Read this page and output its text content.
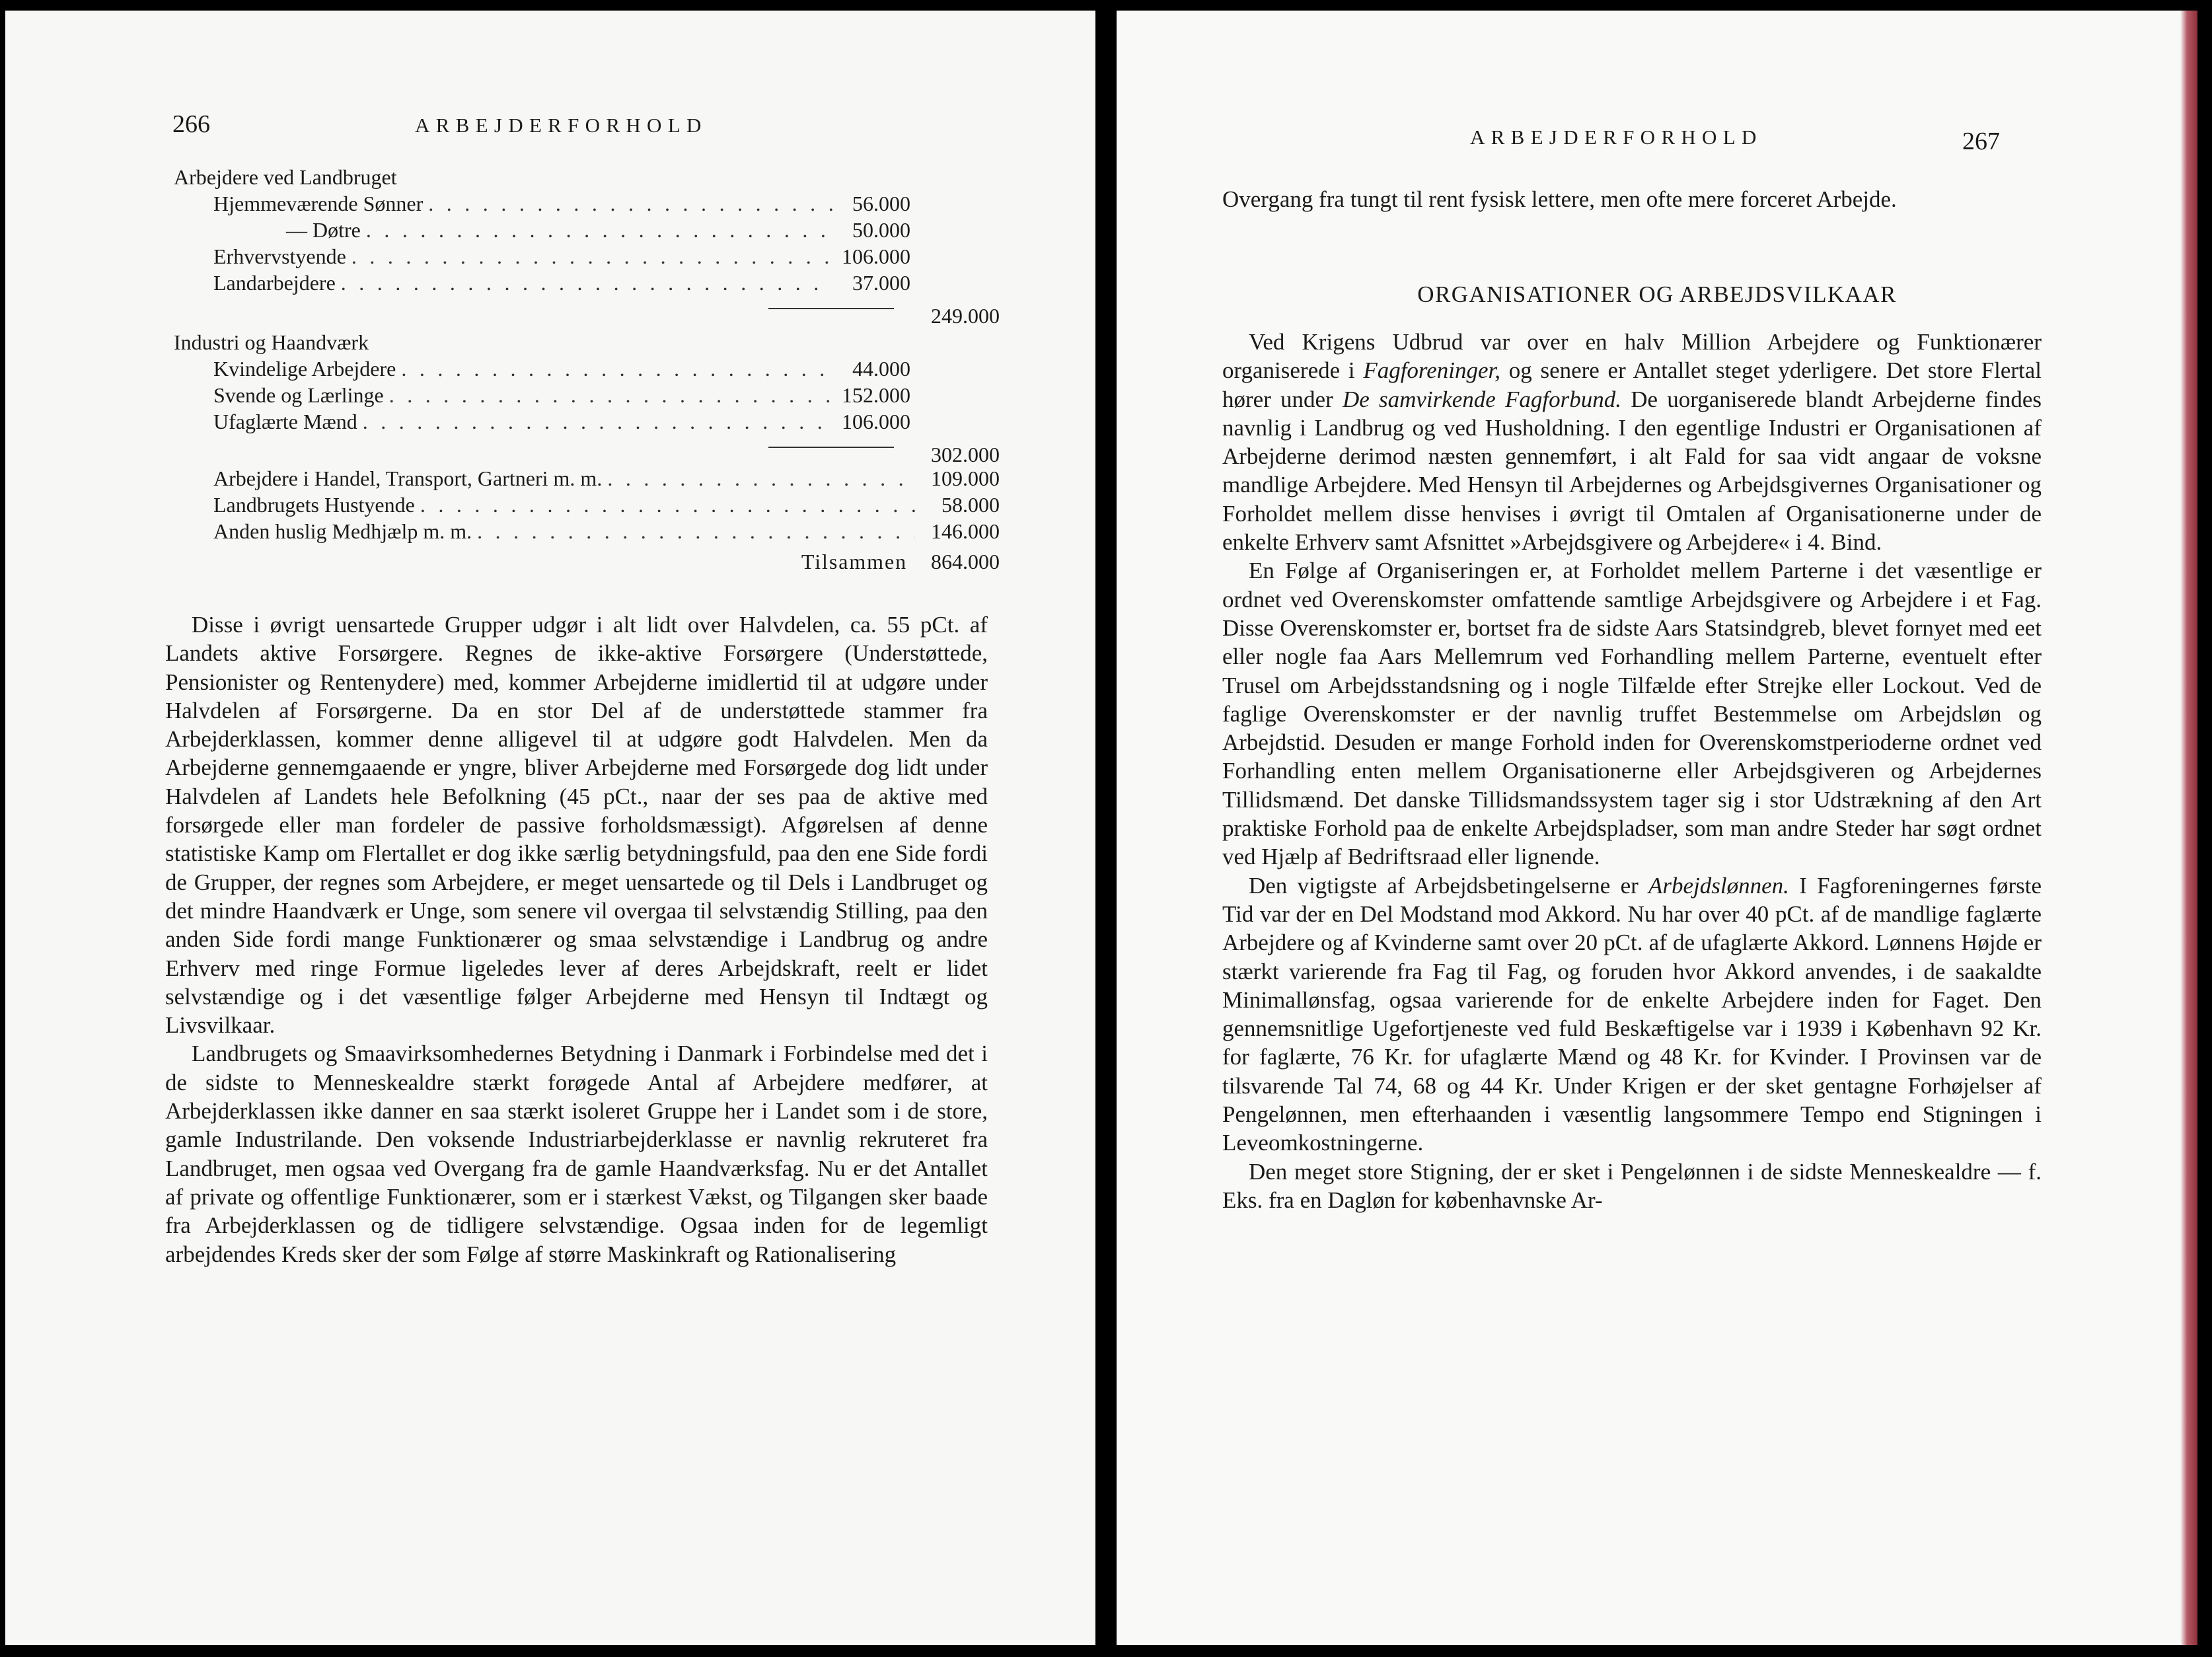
266	ARBEJDERFORHOLD
Arbejdere ved Landbruget
Hjemmeværende Sønner . . .	56.000
— Døtre . . .	50.000
Erhvervstyende . . .	106.000
Landarbejdere . . .	37.000
249.000
Industri og Haandværk
Kvindelige Arbejdere . . .	44.000
Svende og Lærlinge . . .	152.000
Ufaglærte Mænd . . .	106.000
302.000
Arbejdere i Handel, Transport, Gartneri m. m. . . .	109.000
Landbrugets Hustyende . . .	58.000
Anden huslig Medhjælp m. m. . . .	146.000
Tilsammen	864.000

Disse i øvrigt uensartede Grupper udgør i alt lidt over Halvdelen, ca. 55 pCt. af Landets aktive Forsørgere. Regnes de ikke-aktive Forsørgere (Understøttede, Pensionister og Rentenydere) med, kommer Arbejderne imidlertid til at udgøre under Halvdelen af Forsørgerne. Da en stor Del af de understøttede stammer fra Arbejderklassen, kommer denne alligevel til at udgøre godt Halvdelen. Men da Arbejderne gennemgaaende er yngre, bliver Arbejderne med Forsørgede dog lidt under Halvdelen af Landets hele Befolkning (45 pCt., naar der ses paa de aktive med forsørgede eller man fordeler de passive forholdsmæssigt). Afgørelsen af denne statistiske Kamp om Flertallet er dog ikke særlig betydningsfuld, paa den ene Side fordi de Grupper, der regnes som Arbejdere, er meget uensartede og til Dels i Landbruget og det mindre Haandværk er Unge, som senere vil overgaa til selvstændig Stilling, paa den anden Side fordi mange Funktionærer og smaa selvstændige i Landbrug og andre Erhverv med ringe Formue ligeledes lever af deres Arbejdskraft, reelt er lidet selvstændige og i det væsentlige følger Arbejderne med Hensyn til Indtægt og Livsvilkaar.

Landbrugets og Smaavirksomhedernes Betydning i Danmark i Forbindelse med det i de sidste to Menneskealdre stærkt forøgede Antal af Arbejdere medfører, at Arbejderklassen ikke danner en saa stærkt isoleret Gruppe her i Landet som i de store, gamle Industrilande. Den voksende Industriarbejderklasse er navnlig rekruteret fra Landbruget, men ogsaa ved Overgang fra de gamle Haandværksfag. Nu er det Antallet af private og offentlige Funktionærer, som er i stærkest Vækst, og Tilgangen sker baade fra Arbejderklassen og de tidligere selvstændige. Ogsaa inden for de legemligt arbejdendes Kreds sker der som Følge af større Maskinkraft og Rationalisering

ARBEJDERFORHOLD	267

Overgang fra tungt til rent fysisk lettere, men ofte mere forceret Arbejde.

ORGANISATIONER OG ARBEJDSVILKAAR

Ved Krigens Udbrud var over en halv Million Arbejdere og Funktionærer organiserede i Fagforeninger, og senere er Antallet steget yderligere. Det store Flertal hører under De samvirkende Fagforbund. De uorganiserede blandt Arbejderne findes navnlig i Landbrug og ved Husholdning. I den egentlige Industri er Organisationen af Arbejderne derimod næsten gennemført, i alt Fald for saa vidt angaar de voksne mandlige Arbejdere. Med Hensyn til Arbejdernes og Arbejdsgivernes Organisationer og Forholdet mellem disse henvises i øvrigt til Omtalen af Organisationerne under de enkelte Erhverv samt Afsnittet »Arbejdsgivere og Arbejdere« i 4. Bind.

En Følge af Organiseringen er, at Forholdet mellem Parterne i det væsentlige er ordnet ved Overenskomster omfattende samtlige Arbejdsgivere og Arbejdere i et Fag. Disse Overenskomster er, bortset fra de sidste Aars Statsindgreb, blevet fornyet med eet eller nogle faa Aars Mellemrum ved Forhandling mellem Parterne, eventuelt efter Trusel om Arbejdsstandsning og i nogle Tilfælde efter Strejke eller Lockout. Ved de faglige Overenskomster er der navnlig truffet Bestemmelse om Arbejdsløn og Arbejdstid. Desuden er mange Forhold inden for Overenskomstperioderne ordnet ved Forhandling enten mellem Organisationerne eller Arbejdsgiveren og Arbejdernes Tillidsmænd. Det danske Tillidsmandssystem tager sig i stor Udstrækning af den Art praktiske Forhold paa de enkelte Arbejdspladser, som man andre Steder har søgt ordnet ved Hjælp af Bedriftsraad eller lignende.

Den vigtigste af Arbejdsbetingelserne er Arbejdslønnen. I Fagforeningernes første Tid var der en Del Modstand mod Akkord. Nu har over 40 pCt. af de mandlige faglærte Arbejdere og af Kvinderne samt over 20 pCt. af de ufaglærte Akkord. Lønnens Højde er stærkt varierende fra Fag til Fag, og foruden hvor Akkord anvendes, i de saakaldte Minimallønsfag, ogsaa varierende for de enkelte Arbejdere inden for Faget. Den gennemsnitlige Ugefortjeneste ved fuld Beskæftigelse var i 1939 i København 92 Kr. for faglærte, 76 Kr. for ufaglærte Mænd og 48 Kr. for Kvinder. I Provinsen var de tilsvarende Tal 74, 68 og 44 Kr. Under Krigen er der sket gentagne Forhøjelser af Pengelønnen, men efterhaanden i væsentlig langsommere Tempo end Stigningen i Leveomkostningerne.

Den meget store Stigning, der er sket i Pengelønnen i de sidste Menneskealdre — f. Eks. fra en Dagløn for københavnske Ar-
